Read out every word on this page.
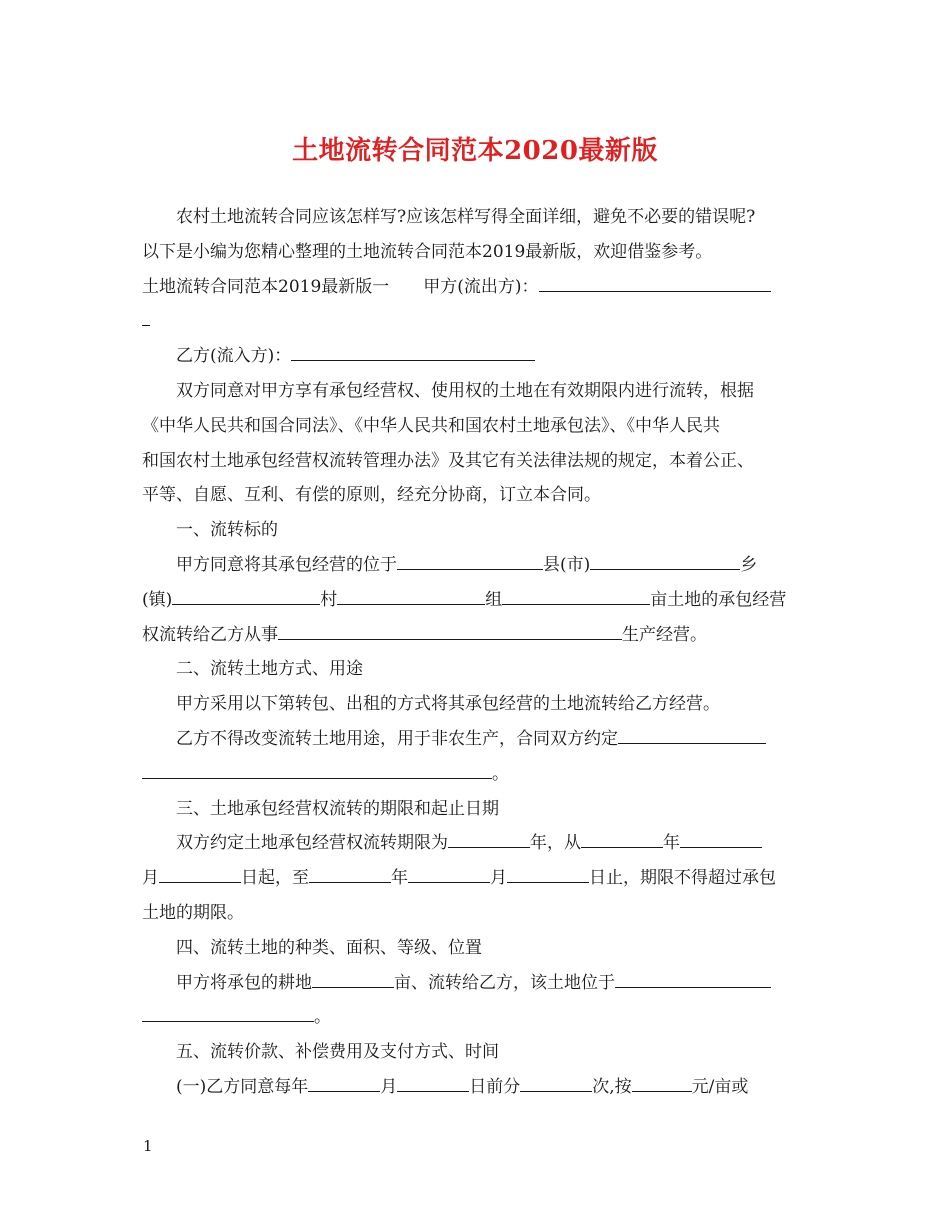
土地流转合同范本2020最新版
农村土地流转合同应该怎样写?应该怎样写得全面详细，避免不必要的错误呢?
以下是小编为您精心整理的土地流转合同范本2019最新版，欢迎借鉴参考。
土地流转合同范本2019最新版一 甲方(流出方)：
乙方(流入方)：
双方同意对甲方享有承包经营权、使用权的土地在有效期限内进行流转，根据
《中华人民共和国合同法》、《中华人民共和国农村土地承包法》、《中华人民共
和国农村土地承包经营权流转管理办法》及其它有关法律法规的规定，本着公正、
平等、自愿、互利、有偿的原则，经充分协商，订立本合同。
一、流转标的
甲方同意将其承包经营的位于	县(市)	乡
(镇)	村	组	亩土地的承包经营
权流转给乙方从事	生产经营。
二、流转土地方式、用途
甲方采用以下第转包、出租的方式将其承包经营的土地流转给乙方经营。
乙方不得改变流转土地用途，用于非农生产，合同双方约定
。
三、土地承包经营权流转的期限和起止日期
双方约定土地承包经营权流转期限为	年，从	年
月	日起，至	年	月	日止，期限不得超过承包
土地的期限。
四、流转土地的种类、面积、等级、位置
甲方将承包的耕地	亩、流转给乙方，该土地位于
。
五、流转价款、补偿费用及支付方式、时间
(一)乙方同意每年	月	日前分	次,按	元/亩或
1
